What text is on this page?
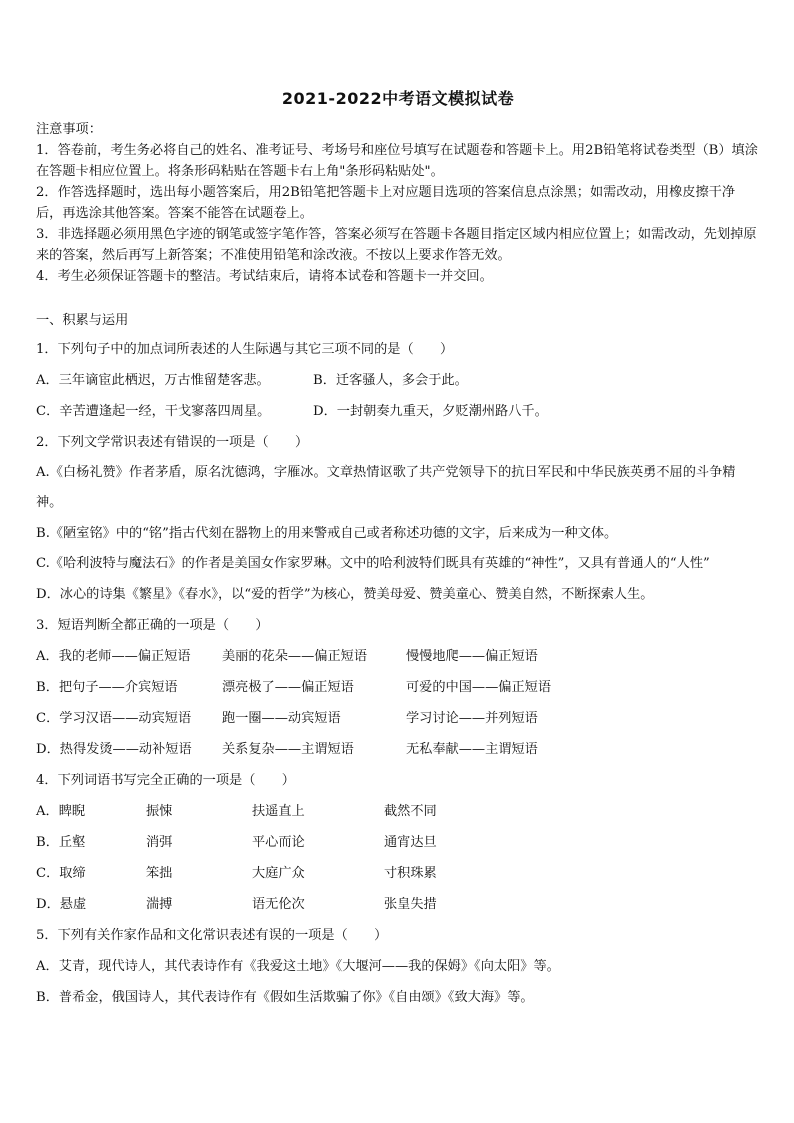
2021-2022中考语文模拟试卷

注意事项：

1．答卷前，考生务必将自己的姓名、准考证号、考场号和座位号填写在试题卷和答题卡上。用2B铅笔将试卷类型（B）填涂在答题卡相应位置上。将条形码粘贴在答题卡右上角"条形码粘贴处"。

2．作答选择题时，选出每小题答案后，用2B铅笔把答题卡上对应题目选项的答案信息点涂黑；如需改动，用橡皮擦干净后，再选涂其他答案。答案不能答在试题卷上。

3．非选择题必须用黑色字迹的钢笔或签字笔作答，答案必须写在答题卡各题目指定区域内相应位置上；如需改动，先划掉原来的答案，然后再写上新答案；不准使用铅笔和涂改液。不按以上要求作答无效。

4．考生必须保证答题卡的整洁。考试结束后，请将本试卷和答题卡一并交回。

一、积累与运用

1．下列句子中的加点词所表述的人生际遇与其它三项不同的是（　　）

A．三年谪宦此栖迟，万古惟留楚客悲。	B．迁客骚人，多会于此。
C．辛苦遭逢起一经，干戈寥落四周星。	D．一封朝奏九重天，夕贬潮州路八千。

2．下列文学常识表述有错误的一项是（　　）

A.《白杨礼赞》作者茅盾，原名沈德鸿，字雁冰。文章热情讴歌了共产党领导下的抗日军民和中华民族英勇不屈的斗争精神。

B.《陋室铭》中的“铭”指古代刻在器物上的用来警戒自己或者称述功德的文字，后来成为一种文体。

C.《哈利波特与魔法石》的作者是美国女作家罗琳。文中的哈利波特们既具有英雄的“神性”，又具有普通人的“人性”

D．冰心的诗集《繁星》《春水》，以“爱的哲学”为核心，赞美母爱、赞美童心、赞美自然，不断探索人生。

3．短语判断全都正确的一项是（　　）

A．我的老师——偏正短语	美丽的花朵——偏正短语	慢慢地爬——偏正短语
B．把句子——介宾短语	漂亮极了——偏正短语	可爱的中国——偏正短语
C．学习汉语——动宾短语	跑一圈——动宾短语	学习讨论——并列短语
D．热得发烫——动补短语	关系复杂——主谓短语	无私奉献——主谓短语

4．下列词语书写完全正确的一项是（　　）

A．睥睨	振悚	扶遥直上	截然不同
B．丘壑	消弭	平心而论	通宵达旦
C．取缔	笨拙	大庭广众	寸积珠累
D．悬虚	湍搏	语无伦次	张皇失措

5．下列有关作家作品和文化常识表述有误的一项是（　　）

A．艾青，现代诗人，其代表诗作有《我爱这土地》《大堰河——我的保姆》《向太阳》等。

B．普希金，俄国诗人，其代表诗作有《假如生活欺骗了你》《自由颂》《致大海》等。
